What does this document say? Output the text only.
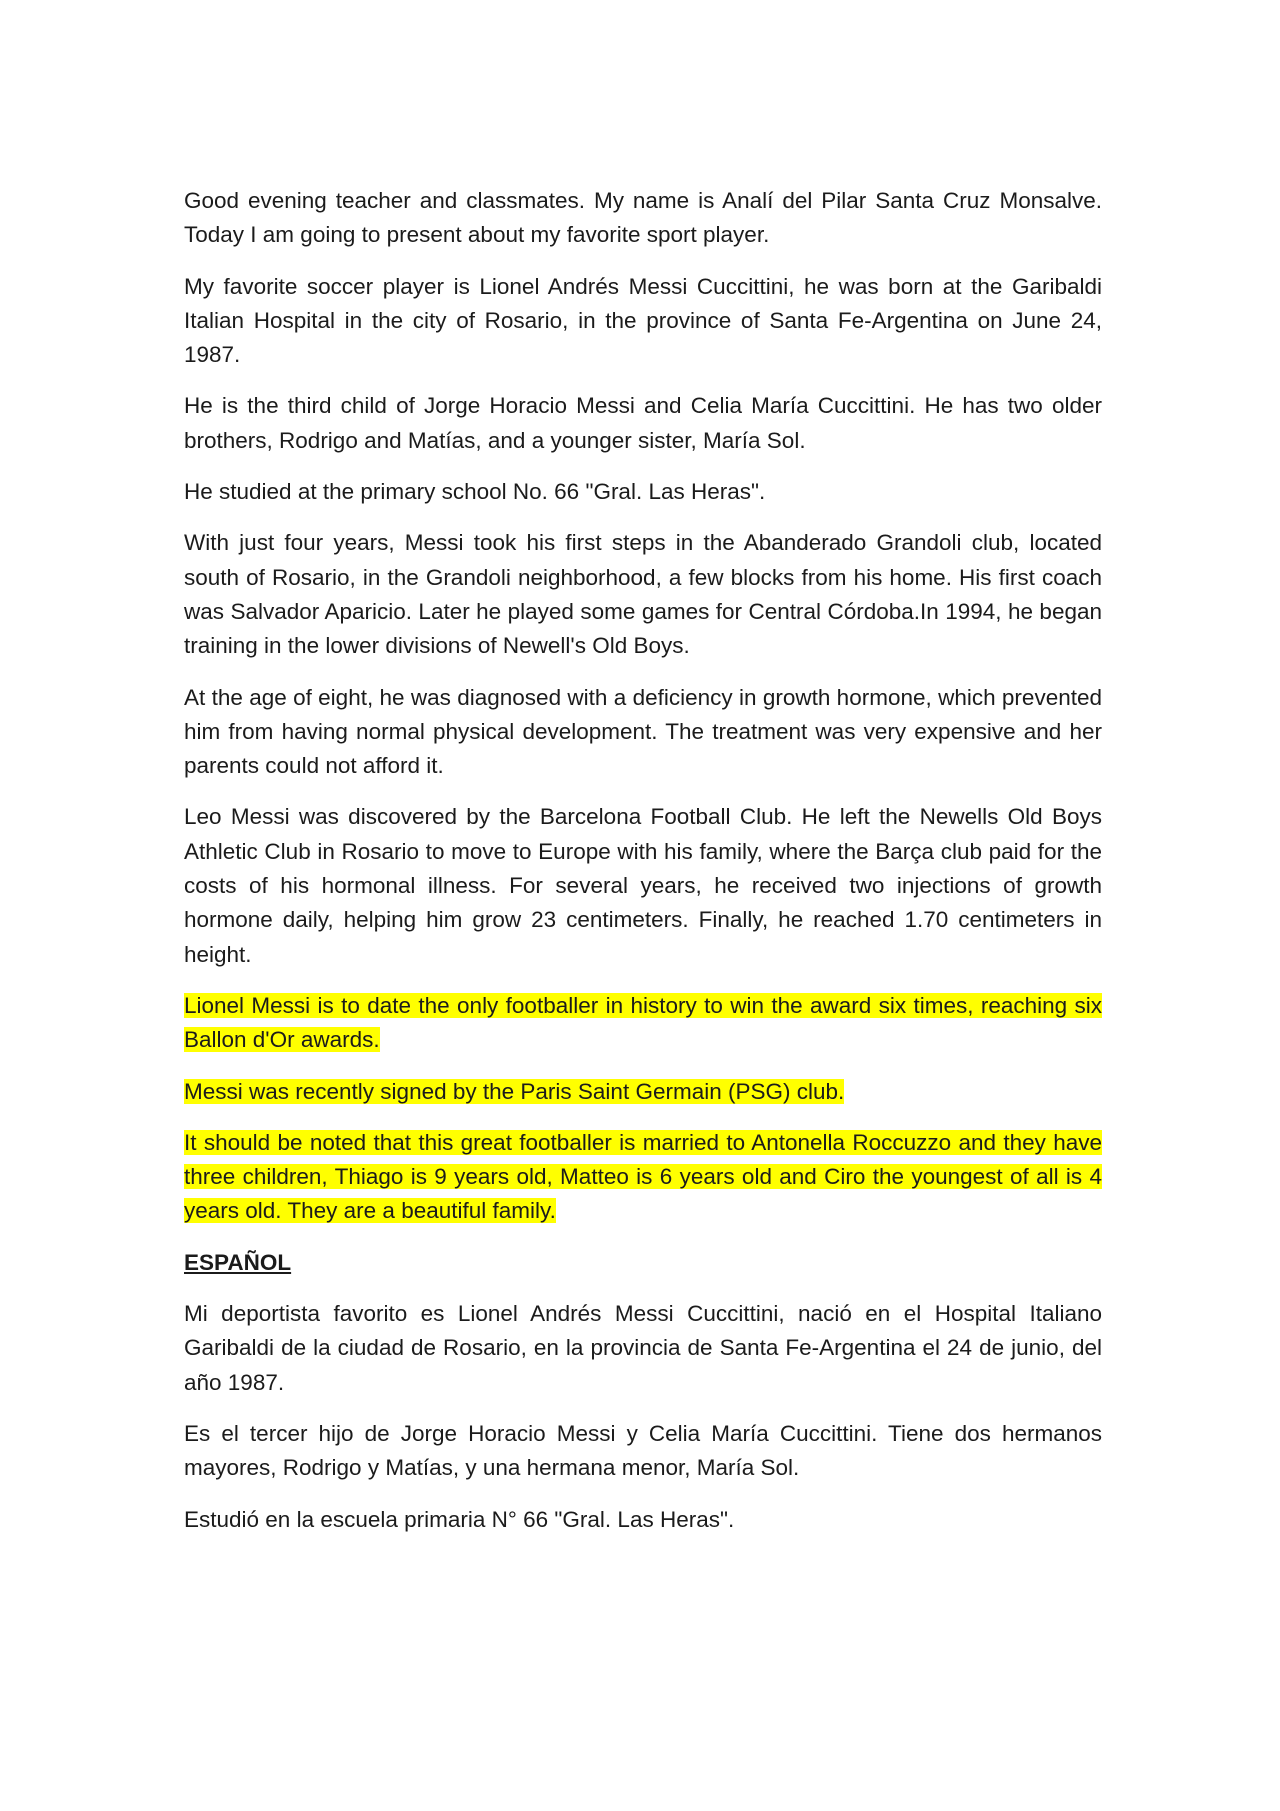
Good evening teacher and classmates. My name is Analí del Pilar Santa Cruz Monsalve. Today I am going to present about my favorite sport player.

My favorite soccer player is Lionel Andrés Messi Cuccittini, he was born at the Garibaldi Italian Hospital in the city of Rosario, in the province of Santa Fe-Argentina on June 24, 1987.

He is the third child of Jorge Horacio Messi and Celia María Cuccittini. He has two older brothers, Rodrigo and Matías, and a younger sister, María Sol.

He studied at the primary school No. 66 "Gral. Las Heras".

With just four years, Messi took his first steps in the Abanderado Grandoli club, located south of Rosario, in the Grandoli neighborhood, a few blocks from his home. His first coach was Salvador Aparicio. Later he played some games for Central Córdoba.In 1994, he began training in the lower divisions of Newell's Old Boys.

At the age of eight, he was diagnosed with a deficiency in growth hormone, which prevented him from having normal physical development. The treatment was very expensive and her parents could not afford it.

Leo Messi was discovered by the Barcelona Football Club. He left the Newells Old Boys Athletic Club in Rosario to move to Europe with his family, where the Barça club paid for the costs of his hormonal illness. For several years, he received two injections of growth hormone daily, helping him grow 23 centimeters. Finally, he reached 1.70 centimeters in height.

Lionel Messi is to date the only footballer in history to win the award six times, reaching six Ballon d'Or awards.

Messi was recently signed by the Paris Saint Germain (PSG) club.

It should be noted that this great footballer is married to Antonella Roccuzzo and they have three children, Thiago is 9 years old, Matteo is 6 years old and Ciro the youngest of all is 4 years old. They are a beautiful family.

ESPAÑOL

Mi deportista favorito es Lionel Andrés Messi Cuccittini, nació en el Hospital Italiano Garibaldi de la ciudad de Rosario, en la provincia de Santa Fe-Argentina el 24 de junio, del año 1987.

Es el tercer hijo de Jorge Horacio Messi y Celia María Cuccittini. Tiene dos hermanos mayores, Rodrigo y Matías, y una hermana menor, María Sol.

Estudió en la escuela primaria N° 66 "Gral. Las Heras".
